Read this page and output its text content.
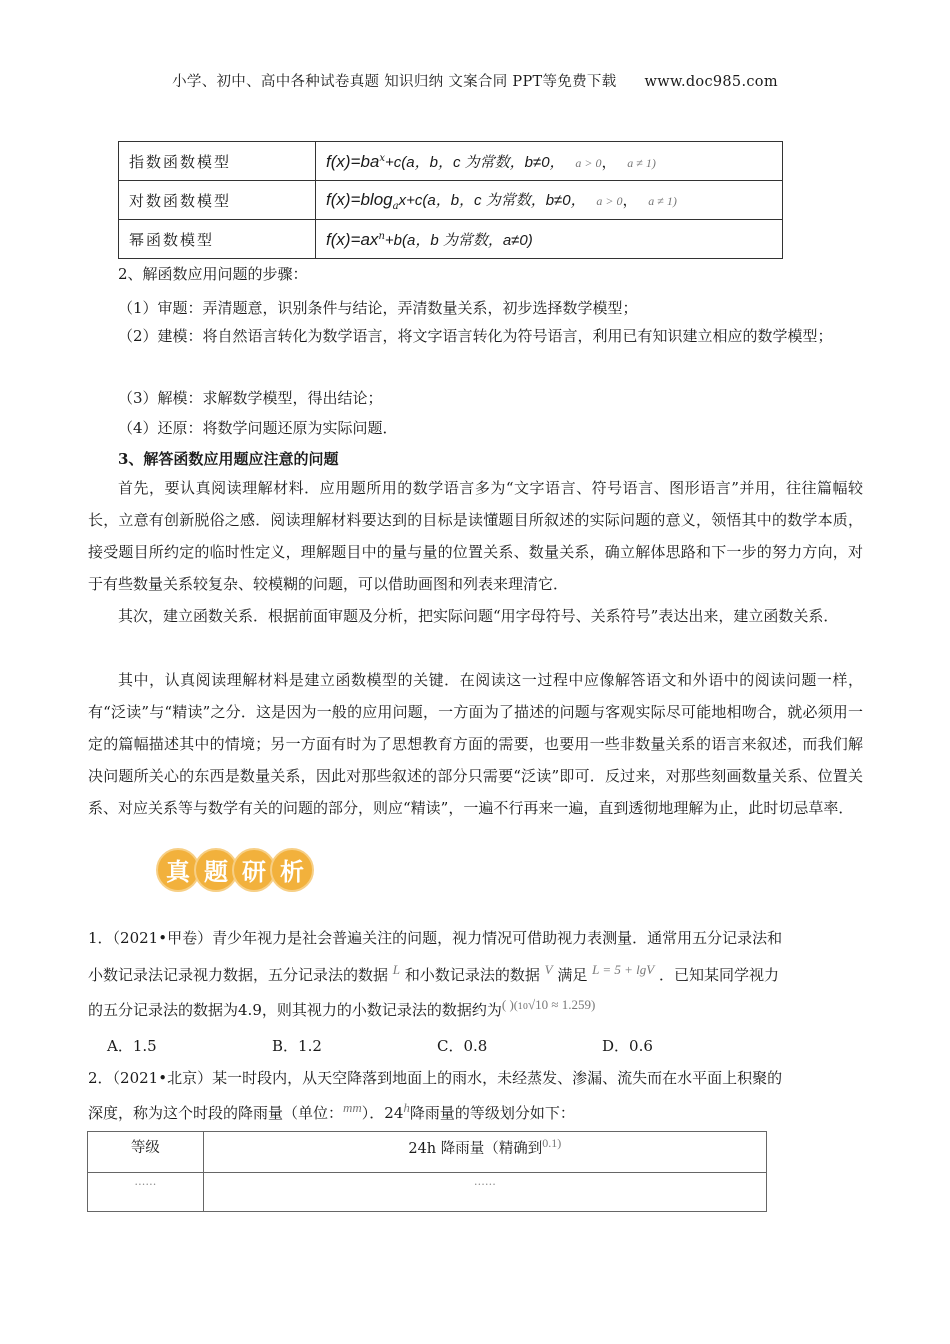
小学、初中、高中各种试卷真题 知识归纳 文案合同 PPT等免费下载 www.doc985.com
指数函数模型	$f(x)=ba^x+c(a$，b，c 为常数，b≠0， a > 0， a ≠ 1)
对数函数模型	f(x)=blog$_a$x+c(a，b，c 为常数，b≠0， a > 0， a ≠ 1)
幂函数模型	$f(x)=ax^n+b(a$，b 为常数，a≠0)
2、解函数应用问题的步骤：
（1）审题：弄清题意，识别条件与结论，弄清数量关系，初步选择数学模型；
（2）建模：将自然语言转化为数学语言，将文字语言转化为符号语言，利用已有知识建立相应的数学模型；
（3）解模：求解数学模型，得出结论；
（4）还原：将数学问题还原为实际问题．
3、解答函数应用题应注意的问题
首先，要认真阅读理解材料．应用题所用的数学语言多为“文字语言、符号语言、图形语言”并用，往往篇幅较长，立意有创新脱俗之感．阅读理解材料要达到的目标是读懂题目所叙述的实际问题的意义，领悟其中的数学本质，接受题目所约定的临时性定义，理解题目中的量与量的位置关系、数量关系，确立解体思路和下一步的努力方向，对于有些数量关系较复杂、较模糊的问题，可以借助画图和列表来理清它．
其次，建立函数关系．根据前面审题及分析，把实际问题“用字母符号、关系符号”表达出来，建立函数关系．
其中，认真阅读理解材料是建立函数模型的关键．在阅读这一过程中应像解答语文和外语中的阅读问题一样，有“泛读”与“精读”之分．这是因为一般的应用问题，一方面为了描述的问题与客观实际尽可能地相吻合，就必须用一定的篇幅描述其中的情境；另一方面有时为了思想教育方面的需要，也要用一些非数量关系的语言来叙述，而我们解决问题所关心的东西是数量关系，因此对那些叙述的部分只需要“泛读”即可．反过来，对那些刻画数量关系、位置关系、对应关系等与数学有关的问题的部分，则应“精读”，一遍不行再来一遍，直到透彻地理解为止，此时切忌草率．
真 题 研 析
1．（2021•甲卷）青少年视力是社会普遍关注的问题，视力情况可借助视力表测量．通常用五分记录法和
小数记录法记录视力数据，五分记录法的数据 $^L$ 和小数记录法的数据 $^V$ 满足 $^{L = 5 + lgV}$ ．已知某同学视力
的五分记录法的数据为4.9，则其视力的小数记录法的数据约为$^{( )(10√10 \approx 1.259)}$
A．1.5	B．1.2	C．0.8	D．0.6
2．（2021•北京）某一时段内，从天空降落到地面上的雨水，未经蒸发、渗漏、流失而在水平面上积聚的
深度，称为这个时段的降雨量（单位：$^{mm}$）．24$^h$降雨量的等级划分如下：
等级	24h 降雨量（精确到$^{0.1)}$
……	……
